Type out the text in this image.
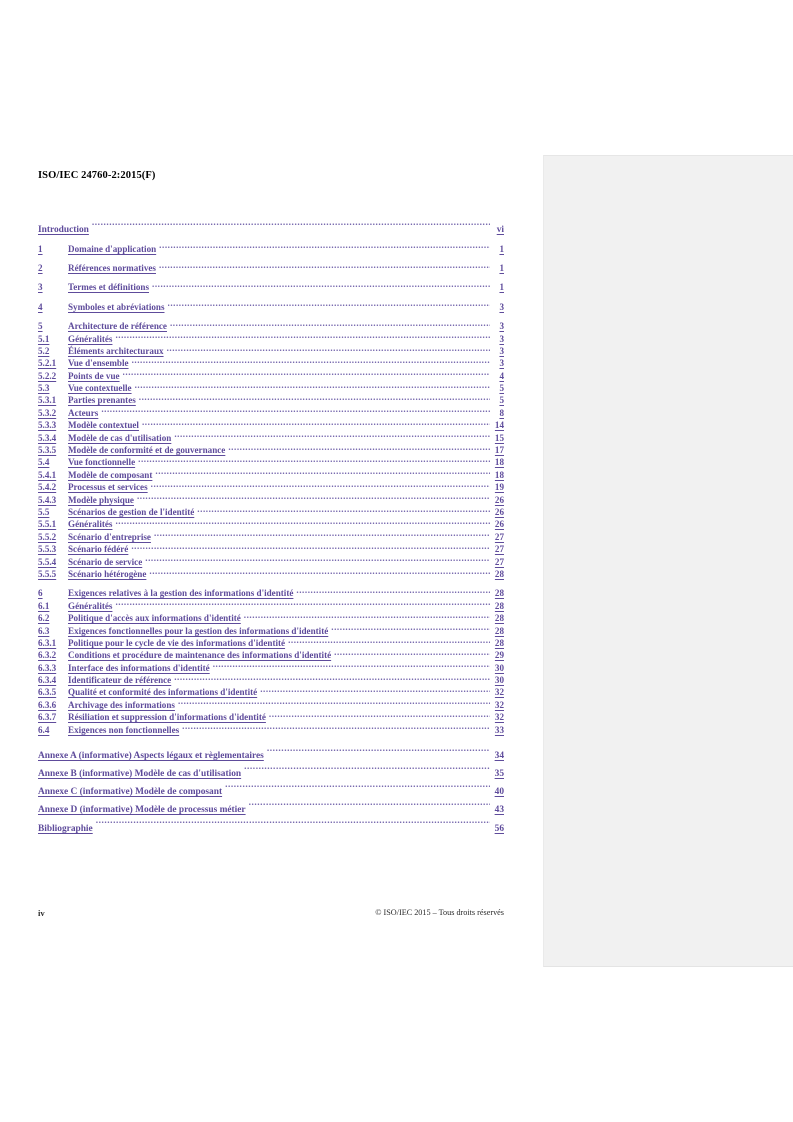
ISO/IEC 24760-2:2015(F)
Introduction .....	vi
1	Domaine d'application .....	1
2	Références normatives .....	1
3	Termes et définitions .....	1
4	Symboles et abréviations .....	3
5	Architecture de référence .....	3
5.1	Généralités .....	3
5.2	Éléments architecturaux .....	3
5.2.1	Vue d'ensemble .....	3
5.2.2	Points de vue .....	4
5.3	Vue contextuelle .....	5
5.3.1	Parties prenantes .....	5
5.3.2	Acteurs .....	8
5.3.3	Modèle contextuel .....	14
5.3.4	Modèle de cas d'utilisation .....	15
5.3.5	Modèle de conformité et de gouvernance .....	17
5.4	Vue fonctionnelle .....	18
5.4.1	Modèle de composant .....	18
5.4.2	Processus et services .....	19
5.4.3	Modèle physique .....	26
5.5	Scénarios de gestion de l'identité .....	26
5.5.1	Généralités .....	26
5.5.2	Scénario d'entreprise .....	27
5.5.3	Scénario fédéré .....	27
5.5.4	Scénario de service .....	27
5.5.5	Scénario hétérogène .....	28
6	Exigences relatives à la gestion des informations d'identité .....	28
6.1	Généralités .....	28
6.2	Politique d'accès aux informations d'identité .....	28
6.3	Exigences fonctionnelles pour la gestion des informations d'identité .....	28
6.3.1	Politique pour le cycle de vie des informations d'identité .....	28
6.3.2	Conditions et procédure de maintenance des informations d'identité .....	29
6.3.3	Interface des informations d'identité .....	30
6.3.4	Identificateur de référence .....	30
6.3.5	Qualité et conformité des informations d'identité .....	32
6.3.6	Archivage des informations .....	32
6.3.7	Résiliation et suppression d'informations d'identité .....	32
6.4	Exigences non fonctionnelles .....	33
Annexe A (informative) Aspects légaux et règlementaires .....	34
Annexe B (informative) Modèle de cas d'utilisation .....	35
Annexe C (informative) Modèle de composant .....	40
Annexe D (informative) Modèle de processus métier .....	43
Bibliographie .....	56
iv	© ISO/IEC 2015 – Tous droits réservés
